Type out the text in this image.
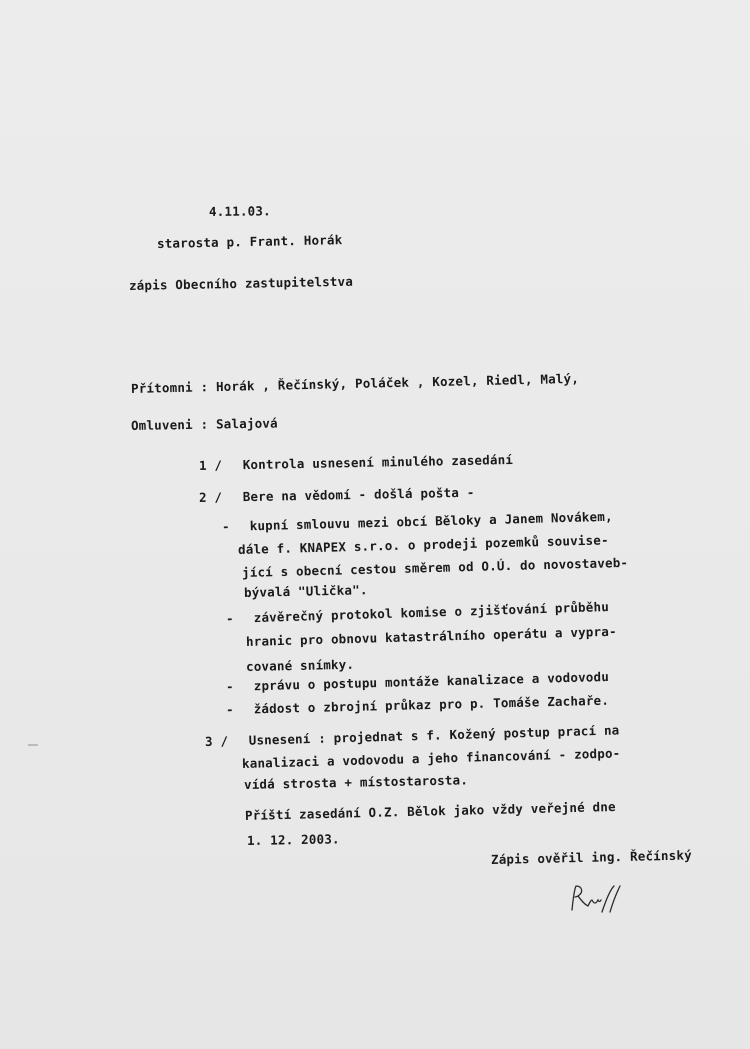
4.11.03.
starosta p. Frant. Horák
zápis Obecního zastupitelstva
Přítomni : Horák , Řečínský, Poláček , Kozel, Riedl, Malý,
Omluveni : Salajová
1 / Kontrola usnesení minulého zasedání
2 / Bere na vědomí - došlá pošta -
- kupní smlouvu mezi obcí Běloky a Janem Novákem,
dále f. KNAPEX s.r.o. o prodeji pozemků souvise-
jící s obecní cestou směrem od O.Ú. do novostaveb-
bývalá "Ulička".
- závěrečný protokol komise o zjišťování průběhu
hranic pro obnovu katastrálního operátu a vypra-
cované snímky.
- zprávu o postupu montáže kanalizace a vodovodu
- žádost o zbrojní průkaz pro p. Tomáše Zachaře.
3 / Usnesení : projednat s f. Kožený postup prací na
kanalizaci a vodovodu a jeho financování - zodpo-
vídá strosta + místostarosta.
Příští zasedání O.Z. Bělok jako vždy veřejné dne
1. 12. 2003.
Zápis ověřil ing. Řečínský
